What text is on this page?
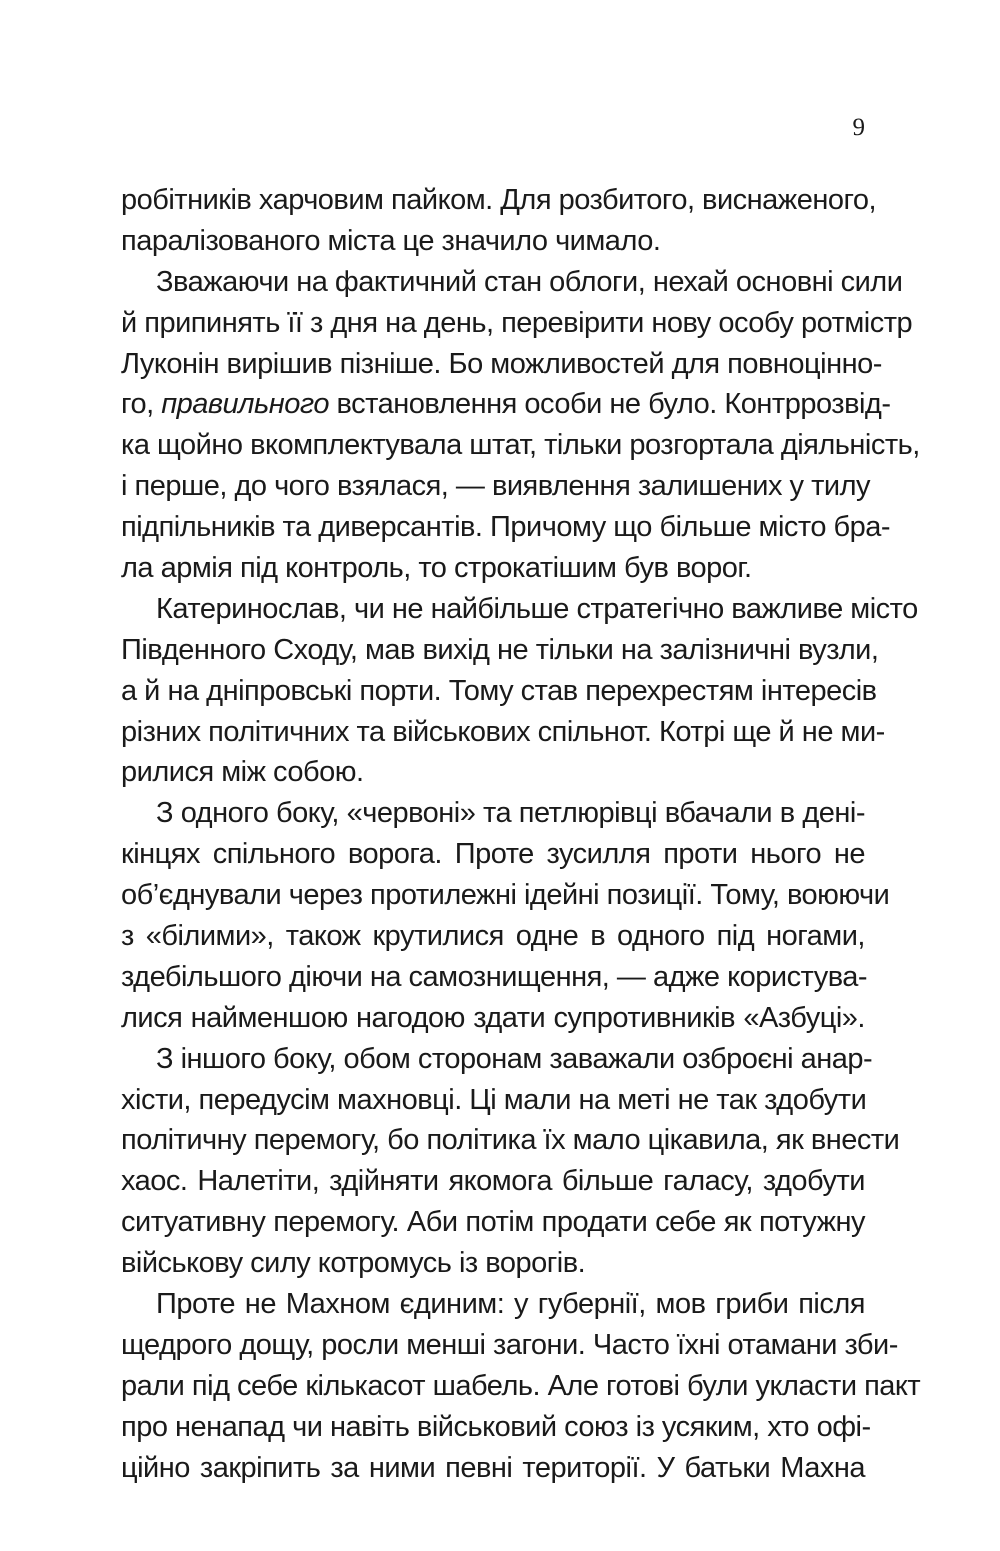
9
робітників харчовим пайком. Для розбитого, виснаженого,
паралізованого міста це значило чимало.
Зважаючи на фактичний стан облоги, нехай основні сили
й припинять її з дня на день, перевірити нову особу ротмістр
Луконін вирішив пізніше. Бо можливостей для повноцінно-
го, правильного встановлення особи не було. Контррозвід-
ка щойно вкомплектувала штат, тільки розгортала діяльність,
і перше, до чого взялася, — виявлення залишених у тилу
підпільників та диверсантів. Причому що більше місто бра-
ла армія під контроль, то строкатішим був ворог.
Катеринослав, чи не найбільше стратегічно важливе місто
Південного Сходу, мав вихід не тільки на залізничні вузли,
а й на дніпровські порти. Тому став перехрестям інтересів
різних політичних та військових спільнот. Котрі ще й не ми-
рилися між собою.
З одного боку, «червоні» та петлюрівці вбачали в дені-
кінцях спільного ворога. Проте зусилля проти нього не
об’єднували через протилежні ідейні позиції. Тому, воюючи
з «білими», також крутилися одне в одного під ногами,
здебільшого діючи на самознищення, — адже користува-
лися найменшою нагодою здати супротивників «Азбуці».
З іншого боку, обом сторонам заважали озброєні анар-
хісти, передусім махновці. Ці мали на меті не так здобути
політичну перемогу, бо політика їх мало цікавила, як внести
хаос. Налетіти, здійняти якомога більше галасу, здобути
ситуативну перемогу. Аби потім продати себе як потужну
військову силу котромусь із ворогів.
Проте не Махном єдиним: у губернії, мов гриби після
щедрого дощу, росли менші загони. Часто їхні отамани зби-
рали під себе кількасот шабель. Але готові були укласти пакт
про ненапад чи навіть військовий союз із усяким, хто офі-
ційно закріпить за ними певні території. У батьки Махна
